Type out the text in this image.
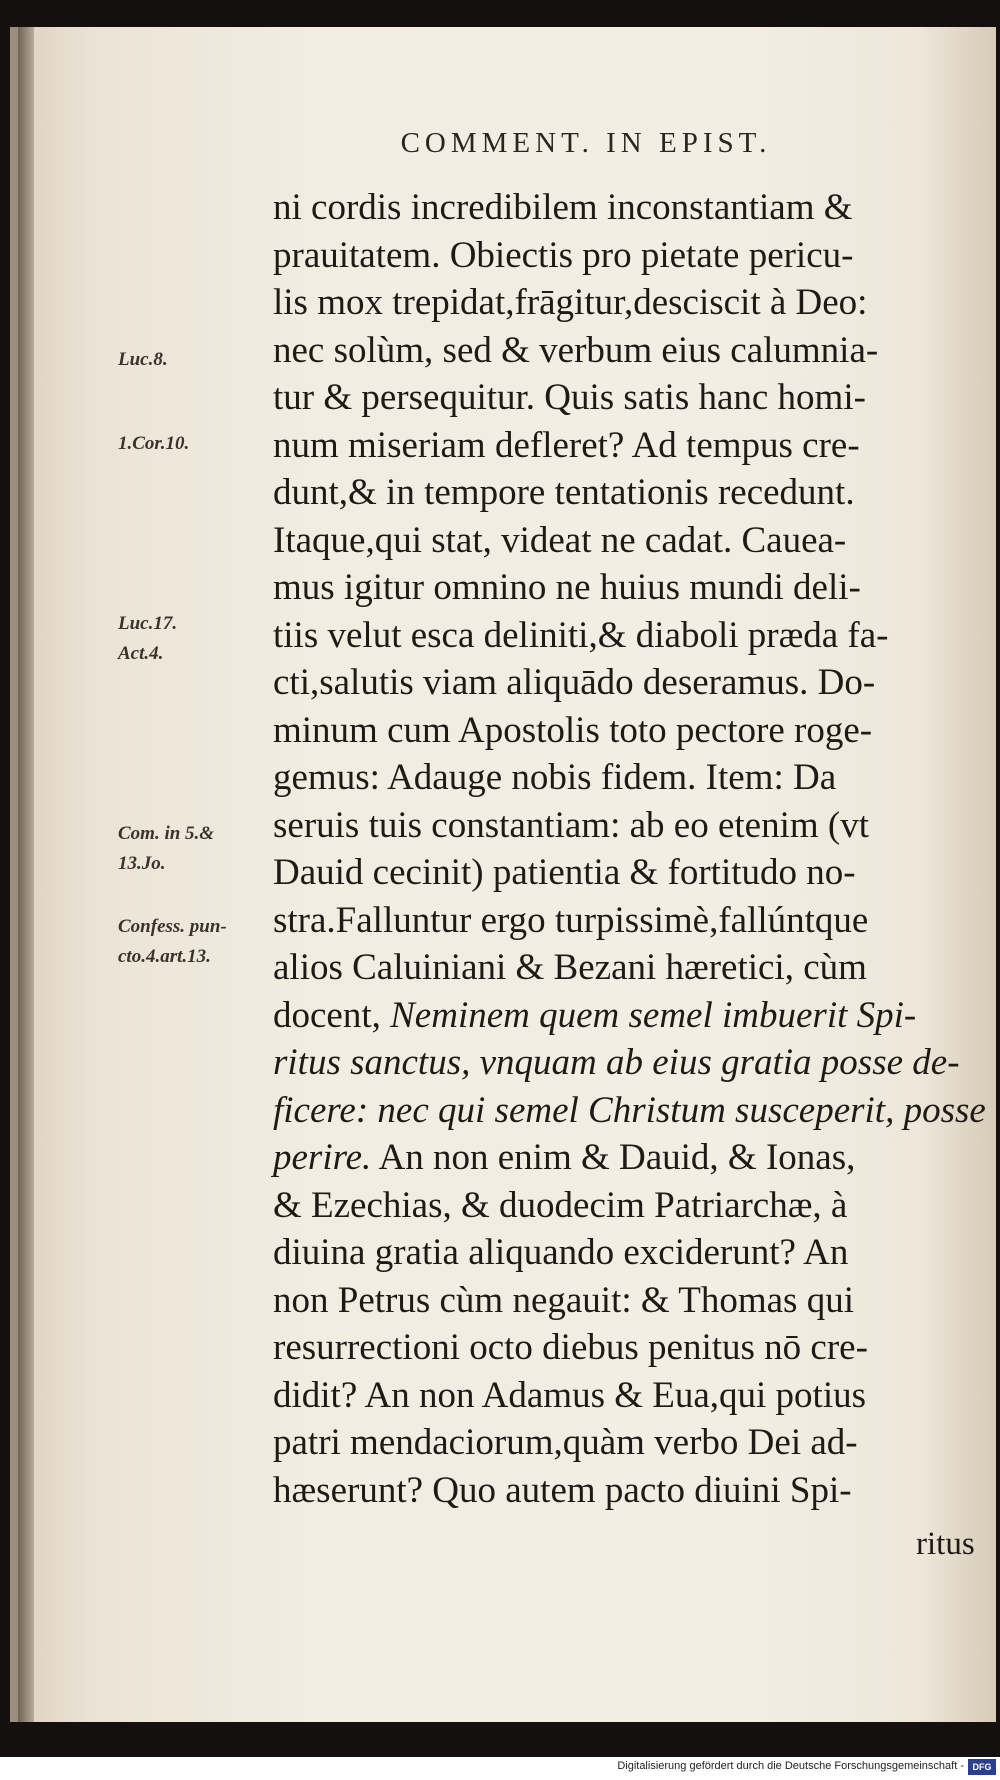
COMMENT. IN EPIST.
Luc.8.
1.Cor.10.
Luc.17.
Act.4.
Com. in 5.&
13.Jo.
Confess. pun-
cto.4.art.13.
ni cordis incredibilem inconstantiam &
prauitatem. Obiectis pro pietate pericu-
lis mox trepidat,frāgitur,desciscit à Deo:
nec solùm, sed & verbum eius calumnia-
tur & persequitur. Quis satis hanc homi-
num miseriam defleret? Ad tempus cre-
dunt,& in tempore tentationis recedunt.
Itaque,qui stat, videat ne cadat. Cauea-
mus igitur omnino ne huius mundi deli-
tiis velut esca deliniti,& diaboli præda fa-
cti,salutis viam aliquādo deseramus. Do-
minum cum Apostolis toto pectore roge-
gemus: Adauge nobis fidem. Item: Da
seruis tuis constantiam: ab eo etenim (vt
Dauid cecinit) patientia & fortitudo no-
stra.Falluntur ergo turpissimè,fallúntque
alios Caluiniani & Bezani hæretici, cùm
docent, Neminem quem semel imbuerit Spi-
ritus sanctus, vnquam ab eius gratia posse de-
ficere: nec qui semel Christum susceperit, posse
perire. An non enim & Dauid, & Ionas,
& Ezechias, & duodecim Patriarchæ, à
diuina gratia aliquando exciderunt? An
non Petrus cùm negauit: & Thomas qui
resurrectioni octo diebus penitus nō cre-
didit? An non Adamus & Eua,qui potius
patri mendaciorum,quàm verbo Dei ad-
hæserunt? Quo autem pacto diuini Spi-
ritus
Digitalisierung gefördert durch die Deutsche Forschungsgemeinschaft - DFG
